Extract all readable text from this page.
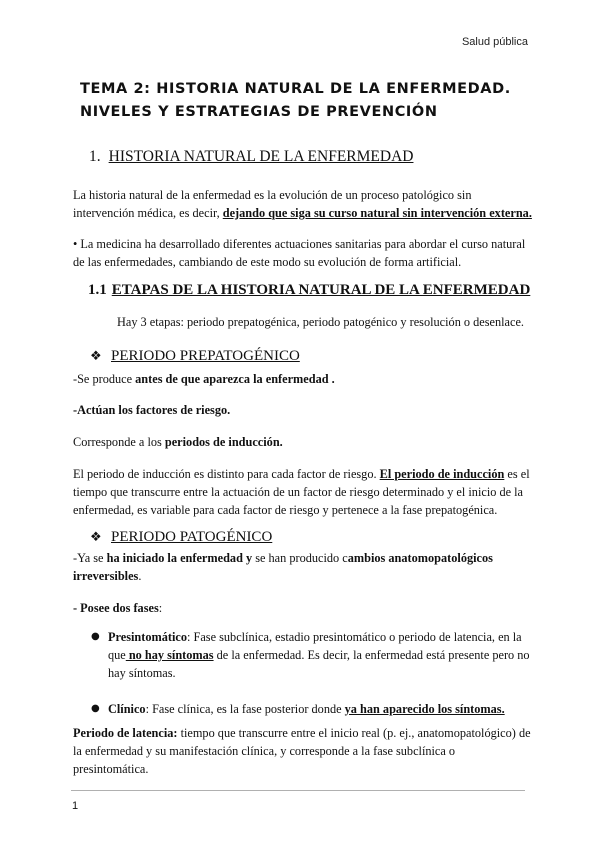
Salud pública
TEMA 2: HISTORIA NATURAL DE LA ENFERMEDAD.
NIVELES Y ESTRATEGIAS DE PREVENCIÓN
1. HISTORIA NATURAL DE LA ENFERMEDAD
La historia natural de la enfermedad es la evolución de un proceso patológico sin intervención médica, es decir, dejando que siga su curso natural sin intervención externa.
• La medicina ha desarrollado diferentes actuaciones sanitarias para abordar el curso natural de las enfermedades, cambiando de este modo su evolución de forma artificial.
1.1 ETAPAS DE LA HISTORIA NATURAL DE LA ENFERMEDAD
Hay 3 etapas: periodo prepatogénica, periodo patogénico y resolución o desenlace.
❖ PERIODO PREPATOGÉNICO
-Se produce antes de que aparezca la enfermedad .
-Actúan los factores de riesgo.
Corresponde a los periodos de inducción.
El periodo de inducción es distinto para cada factor de riesgo. El periodo de inducción es el tiempo que transcurre entre la actuación de un factor de riesgo determinado y el inicio de la enfermedad, es variable para cada factor de riesgo y pertenece a la fase prepatogénica.
❖ PERIODO PATOGÉNICO
-Ya se ha iniciado la enfermedad y se han producido cambios anatomopatológicos irreversibles.
- Posee dos fases:
● Presintomático: Fase subclínica, estadio presintomático o periodo de latencia, en la que no hay síntomas de la enfermedad. Es decir, la enfermedad está presente pero no hay síntomas.
● Clínico: Fase clínica, es la fase posterior donde ya han aparecido los síntomas.
Periodo de latencia: tiempo que transcurre entre el inicio real (p. ej., anatomopatológico) de la enfermedad y su manifestación clínica, y corresponde a la fase subclínica o presintomática.
1
